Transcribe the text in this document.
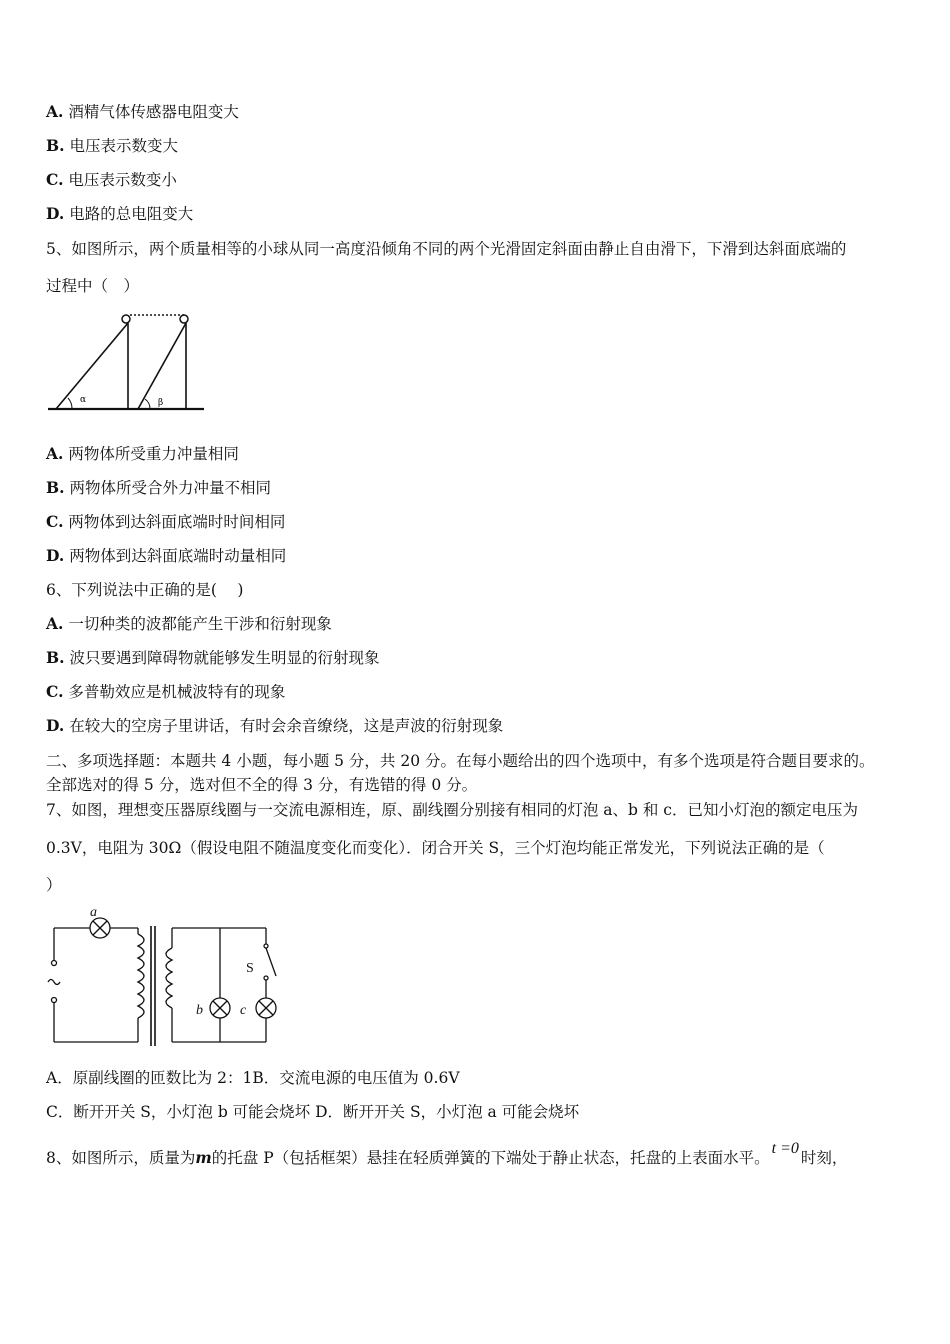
A. 酒精气体传感器电阻变大
B. 电压表示数变大
C. 电压表示数变小
D. 电路的总电阻变大
5、如图所示，两个质量相等的小球从同一高度沿倾角不同的两个光滑固定斜面由静止自由滑下，下滑到达斜面底端的
过程中（　）
α	β
A. 两物体所受重力冲量相同
B. 两物体所受合外力冲量不相同
C. 两物体到达斜面底端时时间相同
D. 两物体到达斜面底端时动量相同
6、下列说法中正确的是(　 )
A. 一切种类的波都能产生干涉和衍射现象
B. 波只要遇到障碍物就能够发生明显的衍射现象
C. 多普勒效应是机械波特有的现象
D. 在较大的空房子里讲话，有时会余音缭绕，这是声波的衍射现象
二、多项选择题：本题共 4 小题，每小题 5 分，共 20 分。在每小题给出的四个选项中，有多个选项是符合题目要求的。
全部选对的得 5 分，选对但不全的得 3 分，有选错的得 0 分。
7、如图，理想变压器原线圈与一交流电源相连，原、副线圈分别接有相同的灯泡 a、b 和 c．已知小灯泡的额定电压为
0.3V，电阻为 30Ω（假设电阻不随温度变化而变化）．闭合开关 S，三个灯泡均能正常发光，下列说法正确的是（
）
a
b	c
S
A．原副线圈的匝数比为 2：1B．交流电源的电压值为 0.6V
C．断开开关 S，小灯泡 b 可能会烧坏 D．断开开关 S，小灯泡 a 可能会烧坏
8、如图所示，质量为m的托盘 P（包括框架）悬挂在轻质弹簧的下端处于静止状态，托盘的上表面水平。t =0时刻，
